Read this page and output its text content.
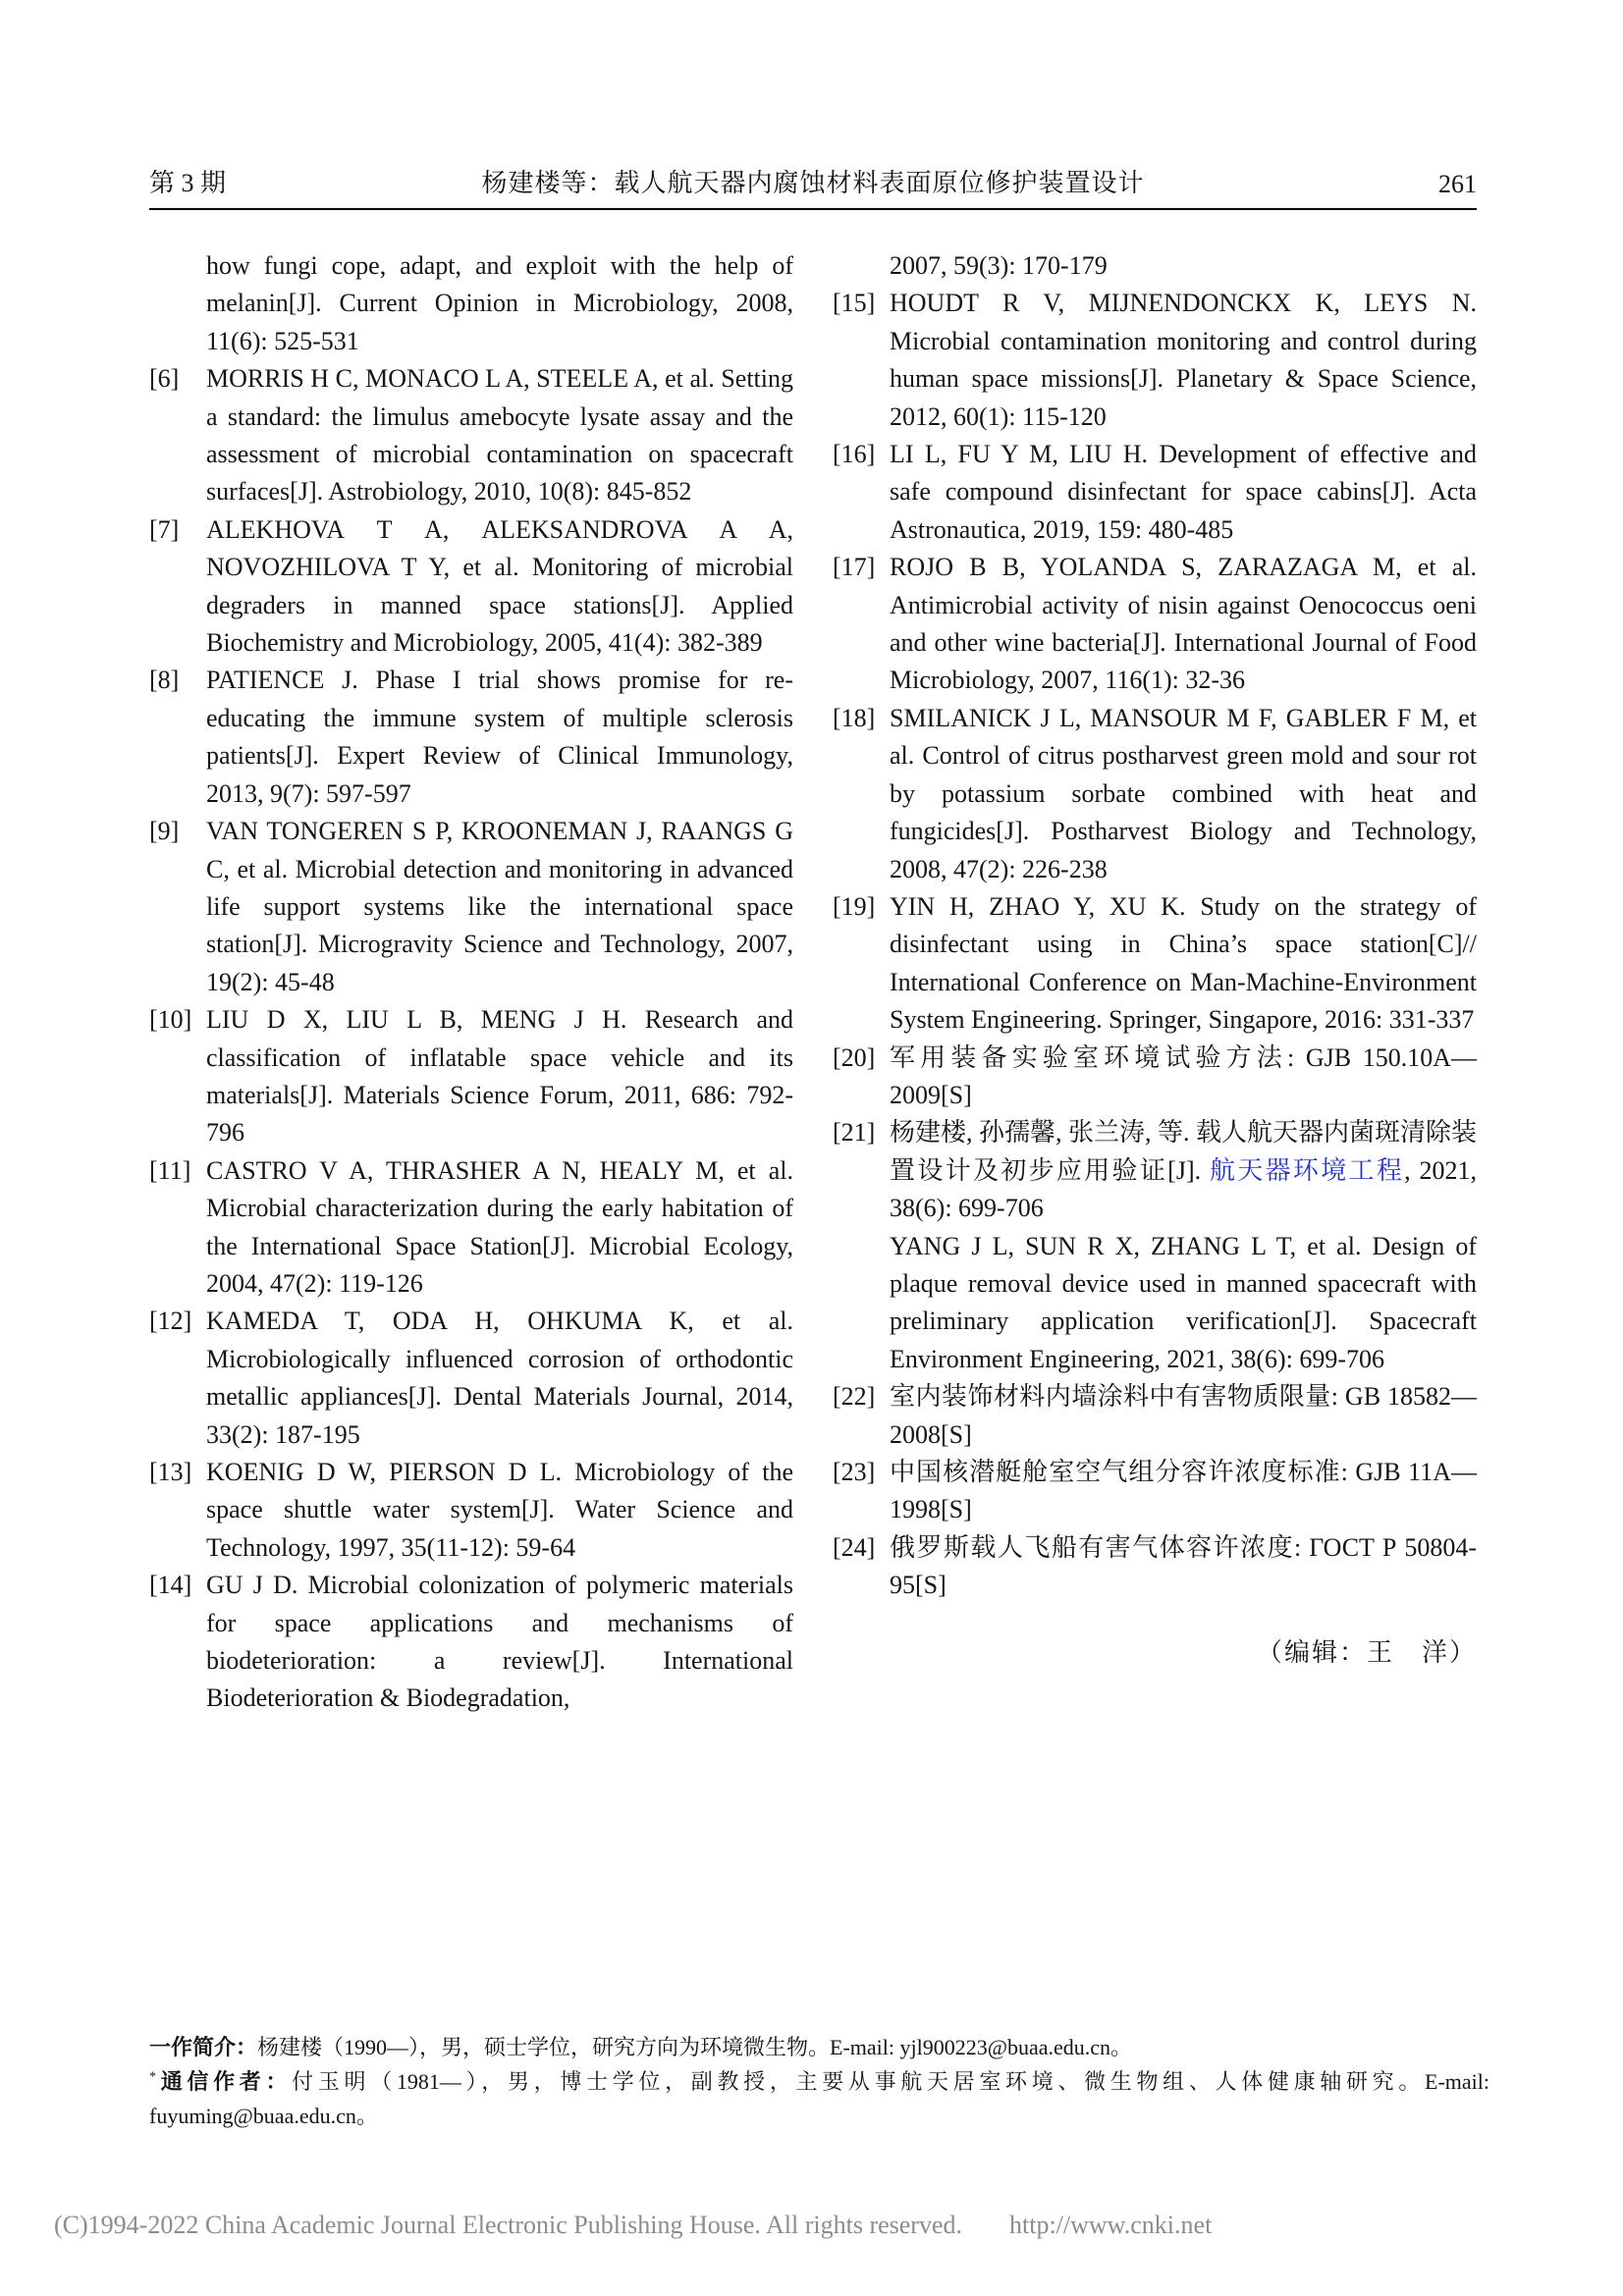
第 3 期	杨建楼等：载人航天器内腐蚀材料表面原位修护装置设计	261
how fungi cope, adapt, and exploit with the help of melanin[J]. Current Opinion in Microbiology, 2008, 11(6): 525-531
[6]	MORRIS H C, MONACO L A, STEELE A, et al. Setting a standard: the limulus amebocyte lysate assay and the assessment of microbial contamination on spacecraft surfaces[J]. Astrobiology, 2010, 10(8): 845-852
[7]	ALEKHOVA T A, ALEKSANDROVA A A, NOVOZHILOVA T Y, et al. Monitoring of microbial degraders in manned space stations[J]. Applied Biochemistry and Microbiology, 2005, 41(4): 382-389
[8]	PATIENCE J. Phase I trial shows promise for re-educating the immune system of multiple sclerosis patients[J]. Expert Review of Clinical Immunology, 2013, 9(7): 597-597
[9]	VAN TONGEREN S P, KROONEMAN J, RAANGS G C, et al. Microbial detection and monitoring in advanced life support systems like the international space station[J]. Microgravity Science and Technology, 2007, 19(2): 45-48
[10] LIU D X, LIU L B, MENG J H. Research and classification of inflatable space vehicle and its materials[J]. Materials Science Forum, 2011, 686: 792-796
[11] CASTRO V A, THRASHER A N, HEALY M, et al. Microbial characterization during the early habitation of the International Space Station[J]. Microbial Ecology, 2004, 47(2): 119-126
[12] KAMEDA T, ODA H, OHKUMA K, et al. Microbiologically influenced corrosion of orthodontic metallic appliances[J]. Dental Materials Journal, 2014, 33(2): 187-195
[13] KOENIG D W, PIERSON D L. Microbiology of the space shuttle water system[J]. Water Science and Technology, 1997, 35(11-12): 59-64
[14] GU J D. Microbial colonization of polymeric materials for space applications and mechanisms of biodeterioration: a review[J]. International Biodeterioration & Biodegradation,
2007, 59(3): 170-179
[15] HOUDT R V, MIJNENDONCKX K, LEYS N. Microbial contamination monitoring and control during human space missions[J]. Planetary & Space Science, 2012, 60(1): 115-120
[16] LI L, FU Y M, LIU H. Development of effective and safe compound disinfectant for space cabins[J]. Acta Astronautica, 2019, 159: 480-485
[17] ROJO B B, YOLANDA S, ZARAZAGA M, et al. Antimicrobial activity of nisin against Oenococcus oeni and other wine bacteria[J]. International Journal of Food Microbiology, 2007, 116(1): 32-36
[18] SMILANICK J L, MANSOUR M F, GABLER F M, et al. Control of citrus postharvest green mold and sour rot by potassium sorbate combined with heat and fungicides[J]. Postharvest Biology and Technology, 2008, 47(2): 226-238
[19] YIN H, ZHAO Y, XU K. Study on the strategy of disinfectant using in China’s space station[C]// International Conference on Man-Machine-Environment System Engineering. Springer, Singapore, 2016: 331-337
[20] 军用装备实验室环境试验方法: GJB 150.10A—2009[S]
[21] 杨建楼, 孙孺馨, 张兰涛, 等. 载人航天器内菌斑清除装置设计及初步应用验证[J]. 航天器环境工程, 2021, 38(6): 699-706
YANG J L, SUN R X, ZHANG L T, et al. Design of plaque removal device used in manned spacecraft with preliminary application verification[J]. Spacecraft Environment Engineering, 2021, 38(6): 699-706
[22] 室内装饰材料内墙涂料中有害物质限量: GB 18582—2008[S]
[23] 中国核潜艇舱室空气组分容许浓度标准: GJB 11A—1998[S]
[24] 俄罗斯载人飞船有害气体容许浓度: ГОСТ Р 50804-95[S]
（编辑：王　洋）
一作简介：杨建楼（1990—），男，硕士学位，研究方向为环境微生物。E-mail: yjl900223@buaa.edu.cn。
*通信作者：付玉明（1981—），男，博士学位，副教授，主要从事航天居室环境、微生物组、人体健康轴研究。E-mail: fuyuming@buaa.edu.cn。
(C)1994-2022 China Academic Journal Electronic Publishing House. All rights reserved. http://www.cnki.net
